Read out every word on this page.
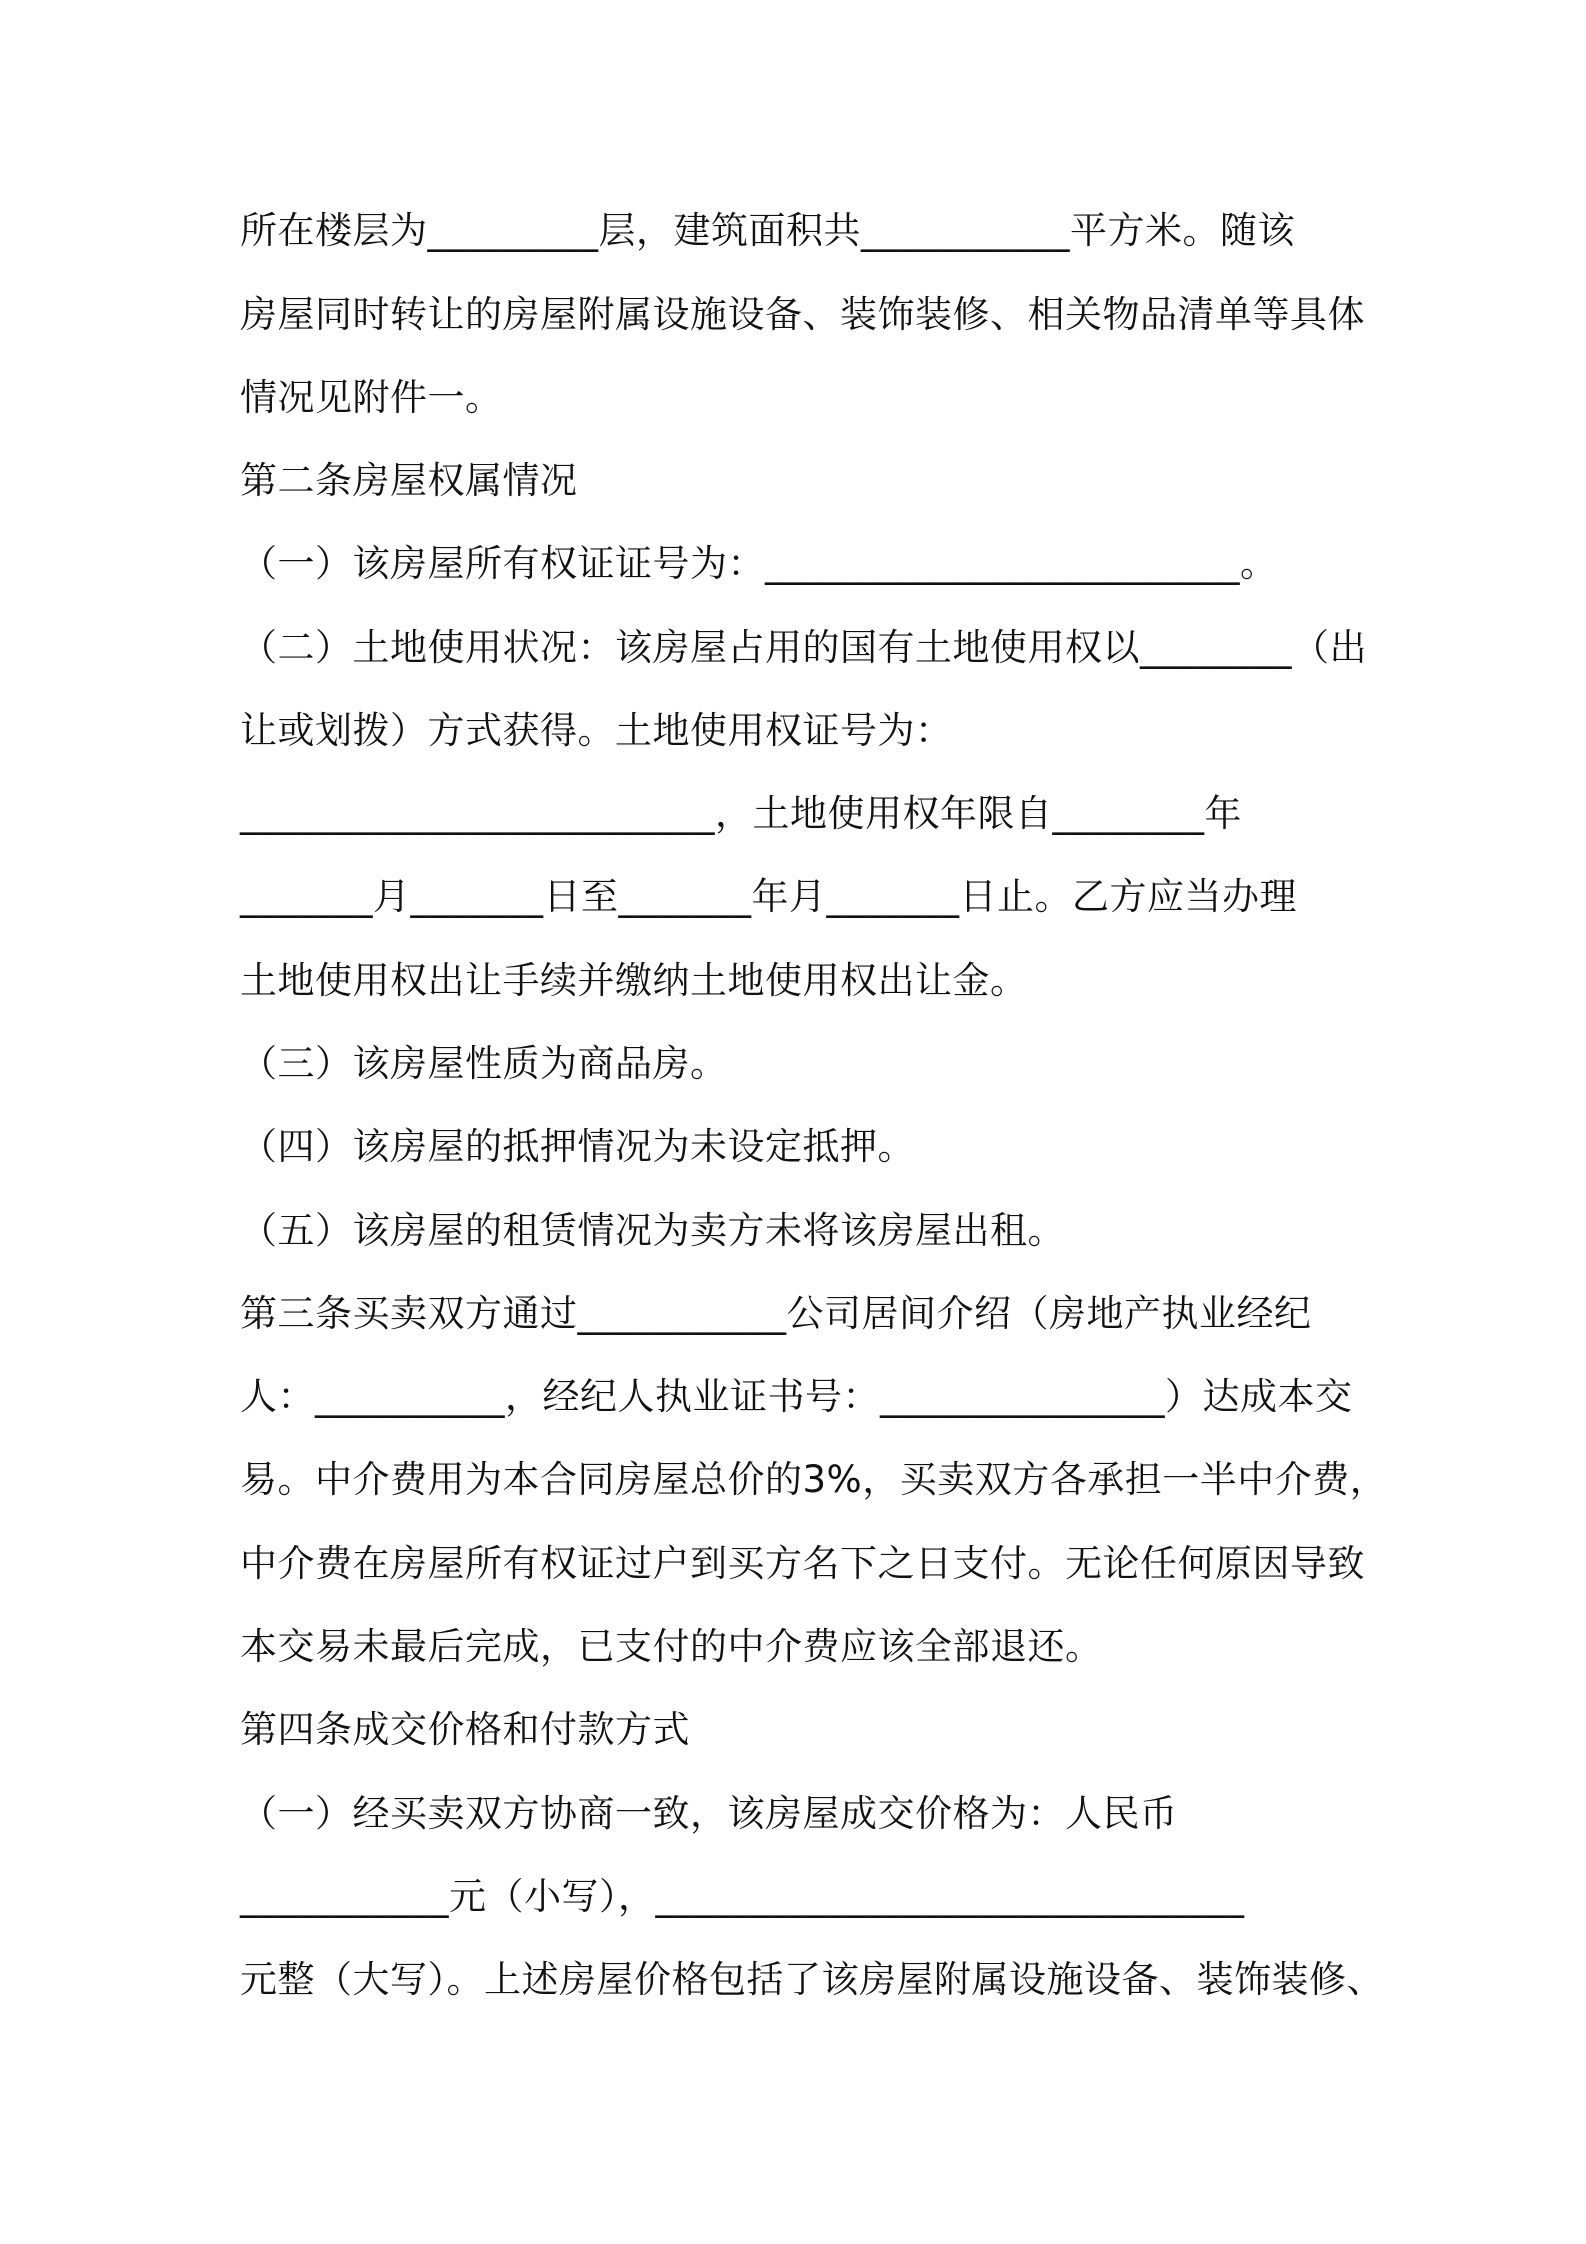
所在楼层为_________层，建筑面积共___________平方米。随该

房屋同时转让的房屋附属设施设备、装饰装修、相关物品清单等具体

情况见附件一。

第二条房屋权属情况

（一）该房屋所有权证证号为：_________________________。

（二）土地使用状况：该房屋占用的国有土地使用权以________（出

让或划拨）方式获得。土地使用权证号为：

_________________________，土地使用权年限自________年

_______月_______日至_______年月_______日止。乙方应当办理

土地使用权出让手续并缴纳土地使用权出让金。

（三）该房屋性质为商品房。

（四）该房屋的抵押情况为未设定抵押。

（五）该房屋的租赁情况为卖方未将该房屋出租。

第三条买卖双方通过___________公司居间介绍（房地产执业经纪

人：__________，经纪人执业证书号：_______________）达成本交

易。中介费用为本合同房屋总价的3%，买卖双方各承担一半中介费，

中介费在房屋所有权证过户到买方名下之日支付。无论任何原因导致

本交易未最后完成，已支付的中介费应该全部退还。

第四条成交价格和付款方式

（一）经买卖双方协商一致，该房屋成交价格为：人民币

___________元（小写），_______________________________

元整（大写）。上述房屋价格包括了该房屋附属设施设备、装饰装修、
